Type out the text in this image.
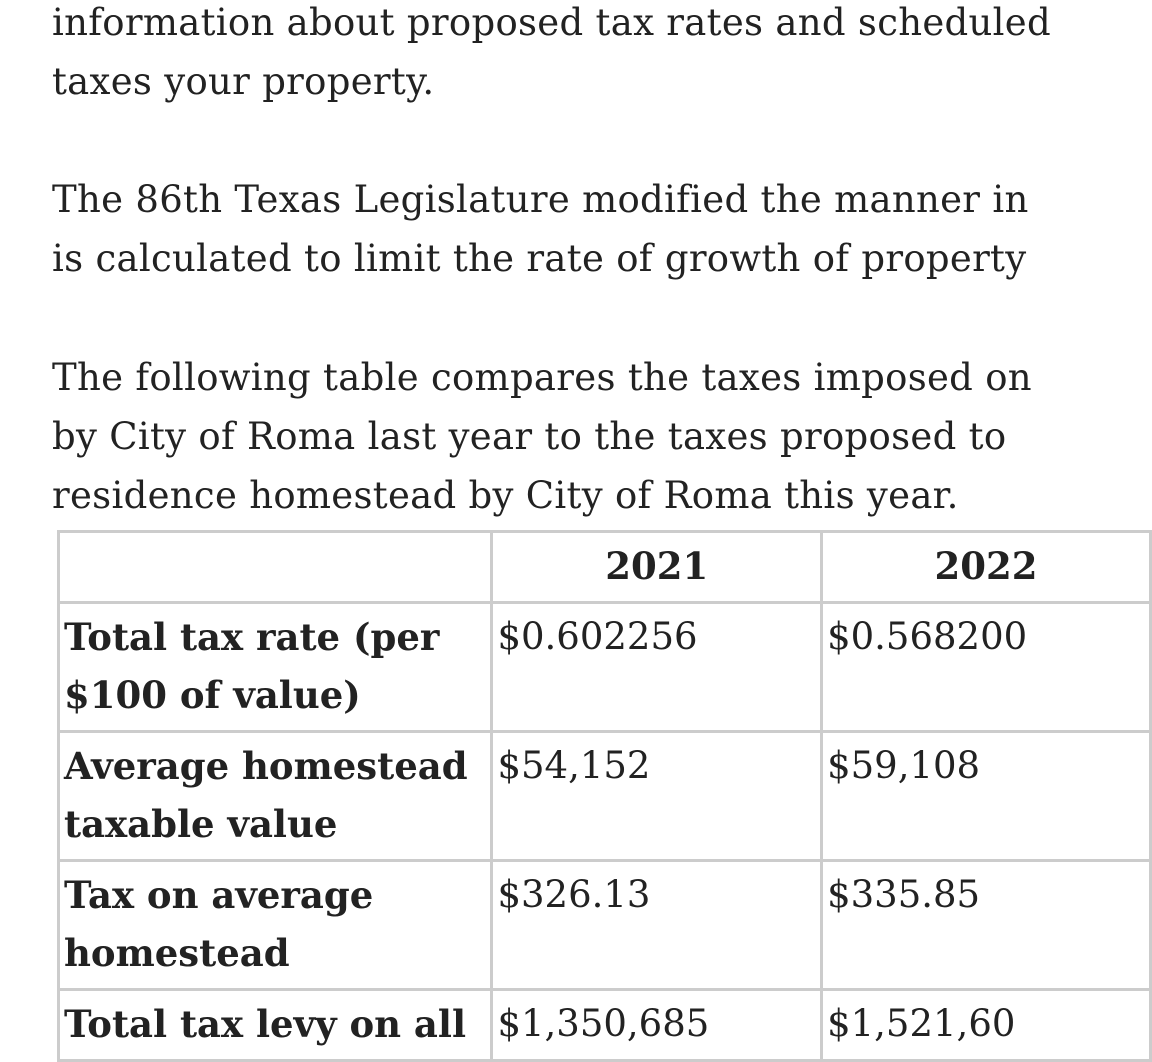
information about proposed tax rates and scheduled
taxes your property.

The 86th Texas Legislature modified the manner in
is calculated to limit the rate of growth of property

The following table compares the taxes imposed on
by City of Roma last year to the taxes proposed to
residence homestead by City of Roma this year.

	2021	2022
Total tax rate (per $100 of value)	$0.602256	$0.568200
Average homestead taxable value	$54,152	$59,108
Tax on average homestead	$326.13	$335.85
Total tax levy on all	$1,350,685	$1,521,60
